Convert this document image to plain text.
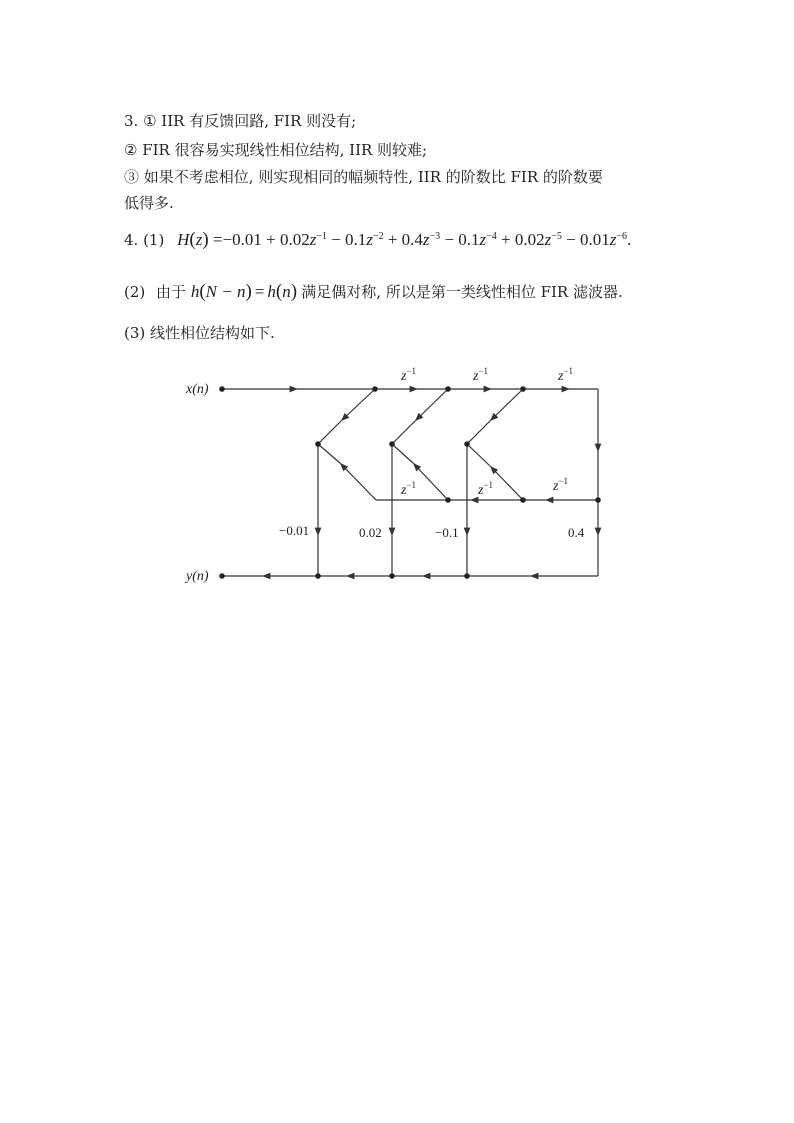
3. ① IIR 有反馈回路, FIR 则没有;
② FIR 很容易实现线性相位结构, IIR 则较难;
③ 如果不考虑相位, 则实现相同的幅频特性, IIR 的阶数比 FIR 的阶数要
低得多.
4. (1) $H(z) =-0.01 + 0.02z^{-1} - 0.1z^{-2} + 0.4z^{-3} - 0.1z^{-4} + 0.02z^{-5} - 0.01z^{-6}$.
(2) 由于 h(N − n) = h(n) 满足偶对称, 所以是第一类线性相位 FIR 滤波器.
(3) 线性相位结构如下.
x(n)
y(n)
$z^{-1}$	$z^{-1}$	$z^{-1}$
$z^{-1}$	$z^{-1}$	$z^{-1}$
−0.01	0.02	−0.1	0.4
